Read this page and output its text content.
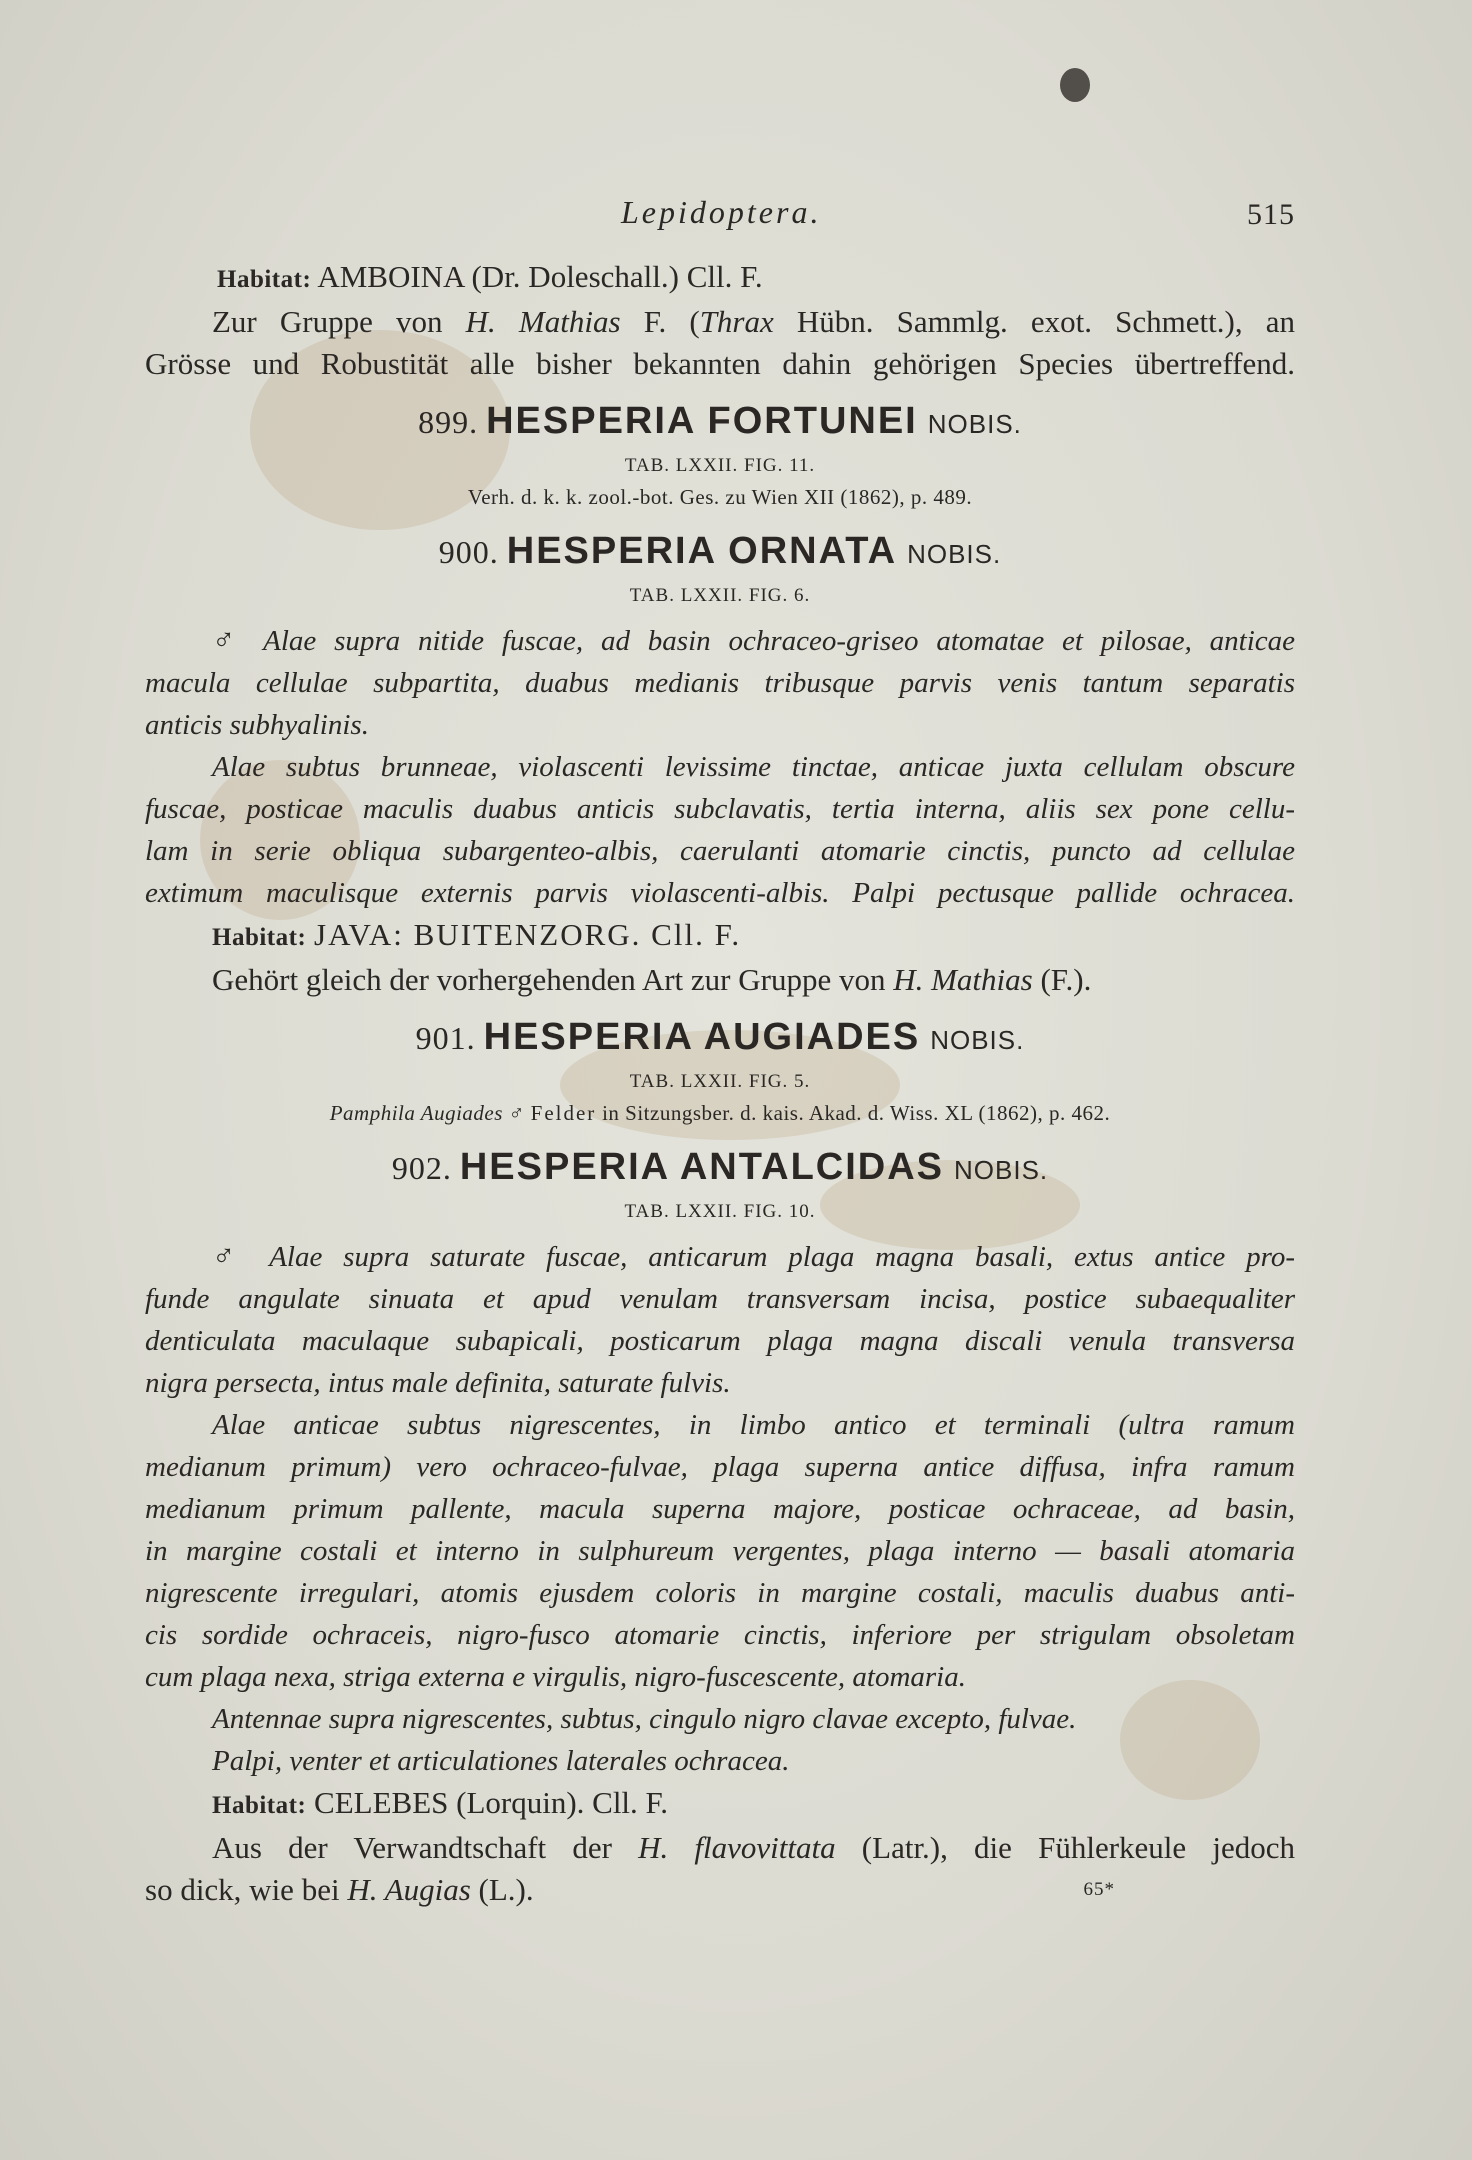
Lepidoptera.	515
Habitat: AMBOINA (Dr. Doleschall.) Cll. F.
Zur Gruppe von H. Mathias F. (Thrax Hübn. Sammlg. exot. Schmett.), an
Grösse und Robustität alle bisher bekannten dahin gehörigen Species übertreffend.
899. HESPERIA FORTUNEI NOBIS.
TAB. LXXII. FIG. 11.
Verh. d. k. k. zool.-bot. Ges. zu Wien XII (1862), p. 489.
900. HESPERIA ORNATA NOBIS.
TAB. LXXII. FIG. 6.
♂ Alae supra nitide fuscae, ad basin ochraceo-griseo atomatae et pilosae, anticae
macula cellulae subpartita, duabus medianis tribusque parvis venis tantum separatis
anticis subhyalinis.
Alae subtus brunneae, violascenti levissime tinctae, anticae juxta cellulam obscure
fuscae, posticae maculis duabus anticis subclavatis, tertia interna, aliis sex pone cellu-
lam in serie obliqua subargenteo-albis, caerulanti atomarie cinctis, puncto ad cellulae
extimum maculisque externis parvis violascenti-albis. Palpi pectusque pallide ochracea.
Habitat: JAVA: BUITENZORG. Cll. F.
Gehört gleich der vorhergehenden Art zur Gruppe von H. Mathias (F.).
901. HESPERIA AUGIADES NOBIS.
TAB. LXXII. FIG. 5.
Pamphila Augiades ♂ Felder in Sitzungsber. d. kais. Akad. d. Wiss. XL (1862), p. 462.
902. HESPERIA ANTALCIDAS NOBIS.
TAB. LXXII. FIG. 10.
♂ Alae supra saturate fuscae, anticarum plaga magna basali, extus antice pro-
funde angulate sinuata et apud venulam transversam incisa, postice subaequaliter
denticulata maculaque subapicali, posticarum plaga magna discali venula transversa
nigra persecta, intus male definita, saturate fulvis.
Alae anticae subtus nigrescentes, in limbo antico et terminali (ultra ramum
medianum primum) vero ochraceo-fulvae, plaga superna antice diffusa, infra ramum
medianum primum pallente, macula superna majore, posticae ochraceae, ad basin,
in margine costali et interno in sulphureum vergentes, plaga interno — basali atomaria
nigrescente irregulari, atomis ejusdem coloris in margine costali, maculis duabus anti-
cis sordide ochraceis, nigro-fusco atomarie cinctis, inferiore per strigulam obsoletam
cum plaga nexa, striga externa e virgulis, nigro-fuscescente, atomaria.
Antennae supra nigrescentes, subtus, cingulo nigro clavae excepto, fulvae.
Palpi, venter et articulationes laterales ochracea.
Habitat: CELEBES (Lorquin). Cll. F.
Aus der Verwandtschaft der H. flavovittata (Latr.), die Fühlerkeule jedoch
so dick, wie bei H. Augias (L.).	65*
